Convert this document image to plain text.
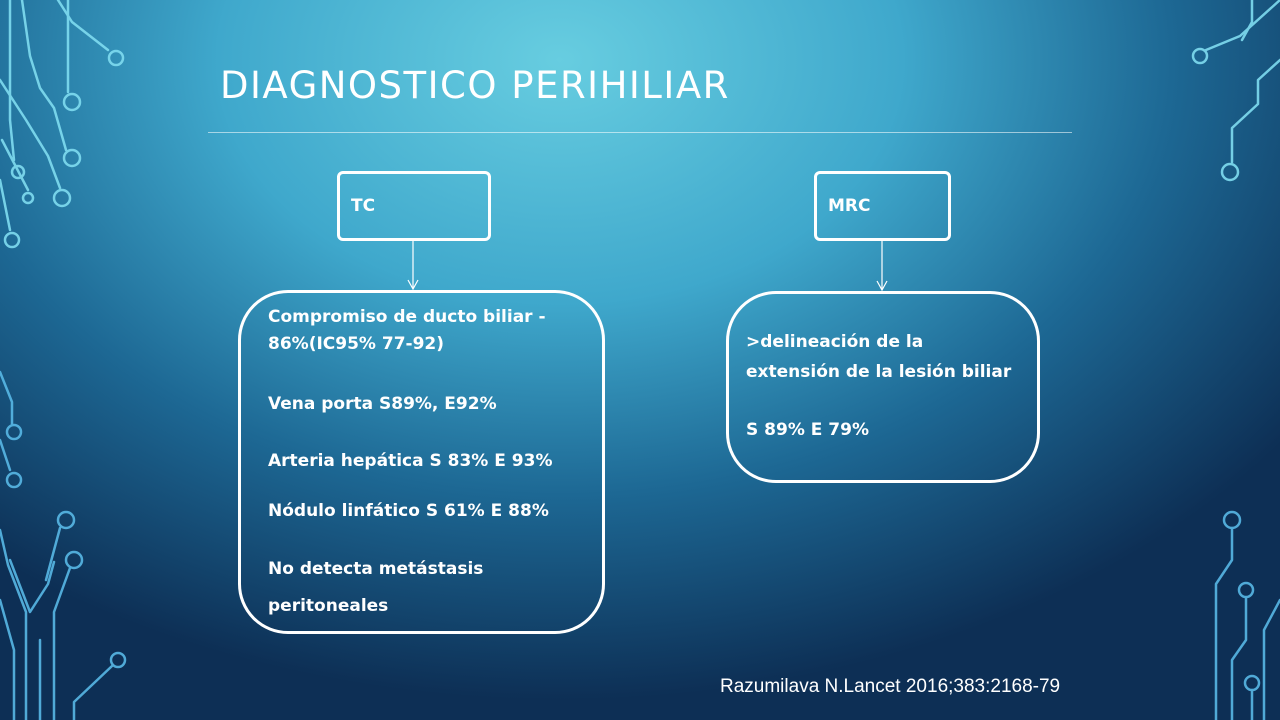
DIAGNOSTICO PERIHILIAR
TC
Compromiso de ducto biliar -
86%(IC95% 77-92)
Vena porta S89%, E92%
Arteria hepática S 83% E 93%
Nódulo linfático S 61% E 88%
No detecta metástasis
peritoneales
MRC
>delineación de la
extensión de la lesión biliar
S 89% E 79%
Razumilava N.Lancet 2016;383:2168-79
